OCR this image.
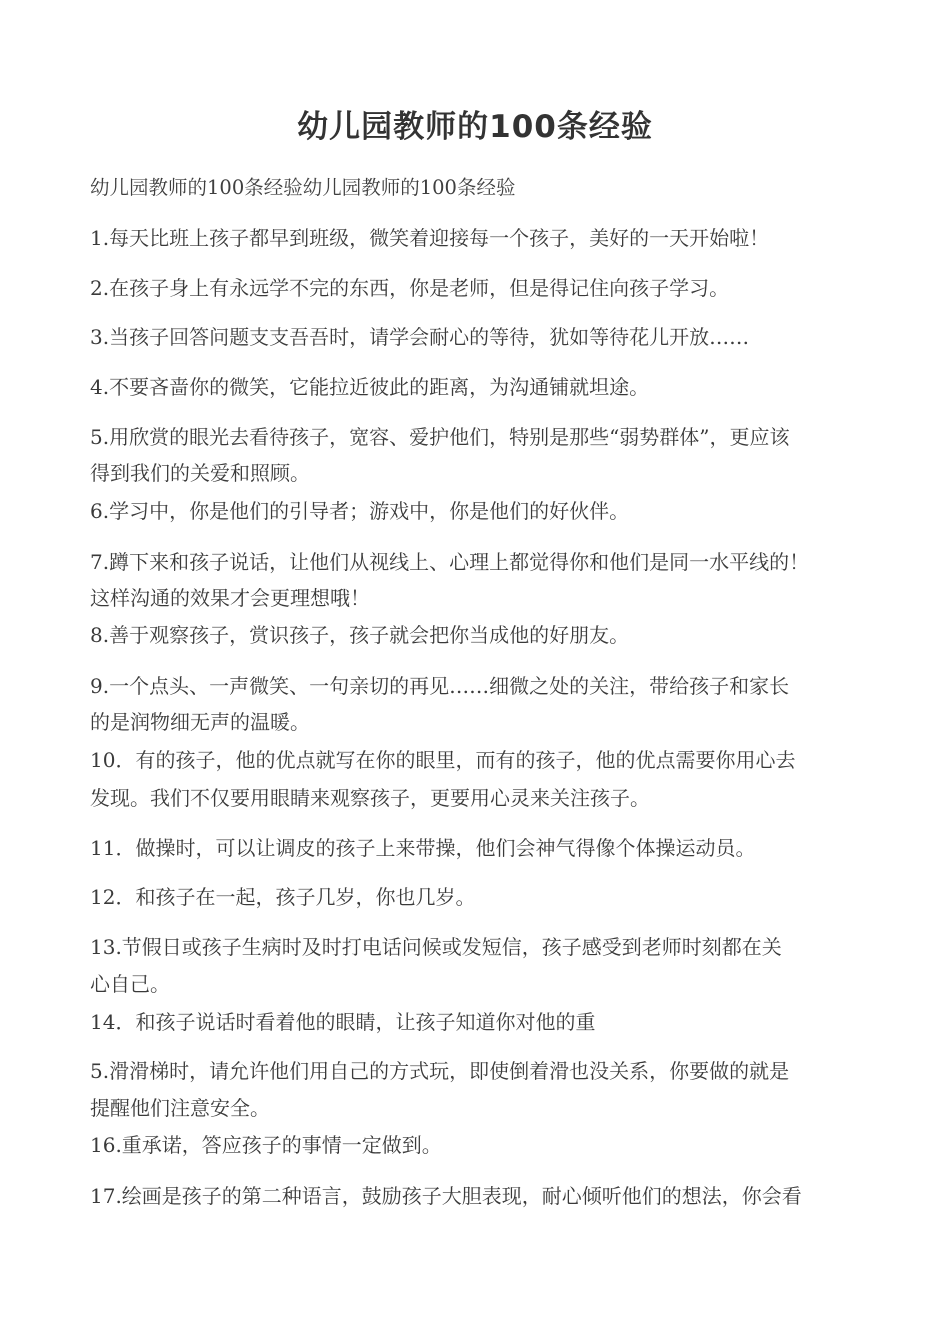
幼儿园教师的100条经验
幼儿园教师的100条经验幼儿园教师的100条经验
1.每天比班上孩子都早到班级，微笑着迎接每一个孩子，美好的一天开始啦！
2.在孩子身上有永远学不完的东西，你是老师，但是得记住向孩子学习。
3.当孩子回答问题支支吾吾时，请学会耐心的等待，犹如等待花儿开放……
4.不要吝啬你的微笑，它能拉近彼此的距离，为沟通铺就坦途。
5.用欣赏的眼光去看待孩子，宽容、爱护他们，特别是那些“弱势群体”，更应该
得到我们的关爱和照顾。
6.学习中，你是他们的引导者；游戏中，你是他们的好伙伴。
7.蹲下来和孩子说话，让他们从视线上、心理上都觉得你和他们是同一水平线的！
这样沟通的效果才会更理想哦！
8.善于观察孩子，赏识孩子，孩子就会把你当成他的好朋友。
9.一个点头、一声微笑、一句亲切的再见……细微之处的关注，带给孩子和家长
的是润物细无声的温暖。
10．有的孩子，他的优点就写在你的眼里，而有的孩子，他的优点需要你用心去
发现。我们不仅要用眼睛来观察孩子，更要用心灵来关注孩子。
11．做操时，可以让调皮的孩子上来带操，他们会神气得像个体操运动员。
12．和孩子在一起，孩子几岁，你也几岁。
13.节假日或孩子生病时及时打电话问候或发短信，孩子感受到老师时刻都在关
心自己。
14．和孩子说话时看着他的眼睛，让孩子知道你对他的重
5.滑滑梯时，请允许他们用自己的方式玩，即使倒着滑也没关系，你要做的就是
提醒他们注意安全。
16.重承诺，答应孩子的事情一定做到。
17.绘画是孩子的第二种语言，鼓励孩子大胆表现，耐心倾听他们的想法，你会看
